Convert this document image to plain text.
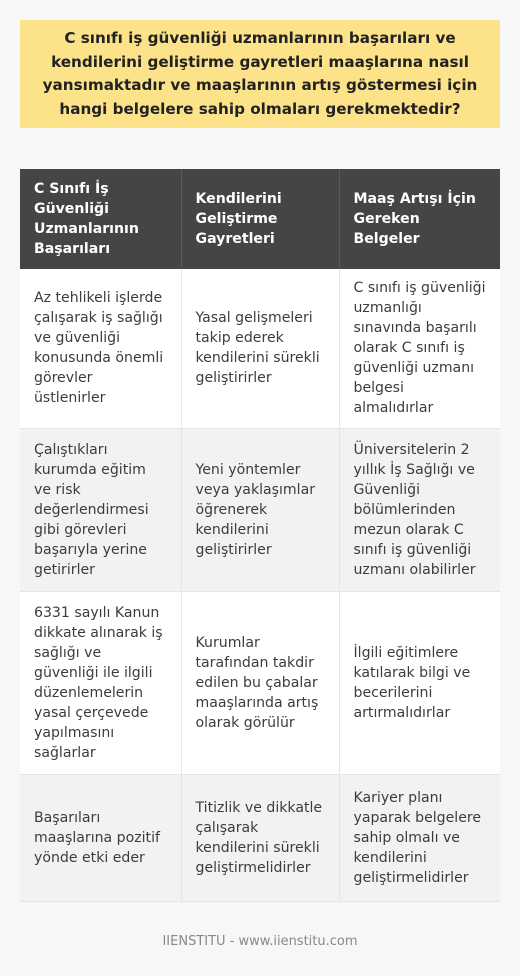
C sınıfı iş güvenliği uzmanlarının başarıları ve kendilerini geliştirme gayretleri maaşlarına nasıl yansımaktadır ve maaşlarının artış göstermesi için hangi belgelere sahip olmaları gerekmektedir?
C Sınıfı İş Güvenliği Uzmanlarının Başarıları	Kendilerini Geliştirme Gayretleri	Maaş Artışı İçin Gereken Belgeler
Az tehlikeli işlerde çalışarak iş sağlığı ve güvenliği konusunda önemli görevler üstlenirler	Yasal gelişmeleri takip ederek kendilerini sürekli geliştirirler	C sınıfı iş güvenliği uzmanlığı sınavında başarılı olarak C sınıfı iş güvenliği uzmanı belgesi almalıdırlar
Çalıştıkları kurumda eğitim ve risk değerlendirmesi gibi görevleri başarıyla yerine getirirler	Yeni yöntemler veya yaklaşımlar öğrenerek kendilerini geliştirirler	Üniversitelerin 2 yıllık İş Sağlığı ve Güvenliği bölümlerinden mezun olarak C sınıfı iş güvenliği uzmanı olabilirler
6331 sayılı Kanun dikkate alınarak iş sağlığı ve güvenliği ile ilgili düzenlemelerin yasal çerçevede yapılmasını sağlarlar	Kurumlar tarafından takdir edilen bu çabalar maaşlarında artış olarak görülür	İlgili eğitimlere katılarak bilgi ve becerilerini artırmalıdırlar
Başarıları maaşlarına pozitif yönde etki eder	Titizlik ve dikkatle çalışarak kendilerini sürekli geliştirmelidirler	Kariyer planı yaparak belgelere sahip olmalı ve kendilerini geliştirmelidirler
IIENSTITU - www.iienstitu.com
